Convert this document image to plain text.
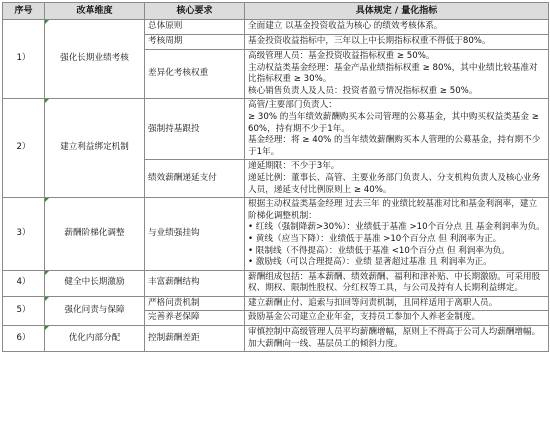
序号	改革维度	核心要求	具体规定 / 量化指标
1）	强化长期业绩考核	总体原则	全面建立 以基金投资收益为核心 的绩效考核体系。

		考核周期	基金投资收益指标中，三年以上中长期指标权重不得低于80%。

		差异化考核权重	高级管理人员：基金投资收益指标权重 ≥ 50%。
主动权益类基金经理：基金产品业绩指标权重 ≥ 80%，其中业绩比较基准对比指标权重 ≥ 30%。
核心销售负责人及人员：投资者盈亏情况指标权重 ≥ 50%。

2）	建立利益绑定机制	强制持基跟投	高管/主要部门负责人：
≥ 30% 的当年绩效薪酬购买本公司管理的公募基金，其中购买权益类基金 ≥ 60%，持有期不少于1年。
基金经理：将 ≥ 40% 的当年绩效薪酬购买本人管理的公募基金，持有期不少于1年。

		绩效薪酬递延支付	递延期限：不少于3年。
递延比例：董事长、高管、主要业务部门负责人、分支机构负责人及核心业务人员，递延支付比例原则上 ≥ 40%。

3）	薪酬阶梯化调整	与业绩强挂钩	根据主动权益类基金经理 过去三年 的业绩比较基准对比和基金利润率，建立阶梯化调整机制：
• 红线（强制降薪>30%）：业绩低于基准 >10个百分点 且 基金利润率为负。
• 黄线（应当下降）：业绩低于基准 >10个百分点 但 利润率为正。
• 限制线（不得提高）：业绩低于基准 <10个百分点 但 利润率为负。
• 激励线（可以合理提高）：业绩 显著超过基准 且 利润率为正。

4）	健全中长期激励	丰富薪酬结构	薪酬组成包括：基本薪酬、绩效薪酬、福利和津补贴、中长期激励。可采用股权、期权、限制性股权、分红权等工具，与公司及持有人长期利益绑定。

5）	强化问责与保障	严格问责机制	建立薪酬止付、追索与扣回等问责机制，且同样适用于离职人员。

		完善养老保障	鼓励基金公司建立企业年金，支持员工参加个人养老金制度。

6）	优化内部分配	控制薪酬差距	审慎控制中高级管理人员平均薪酬增幅，原则上不得高于公司人均薪酬增幅。加大薪酬向一线、基层员工的倾斜力度。
